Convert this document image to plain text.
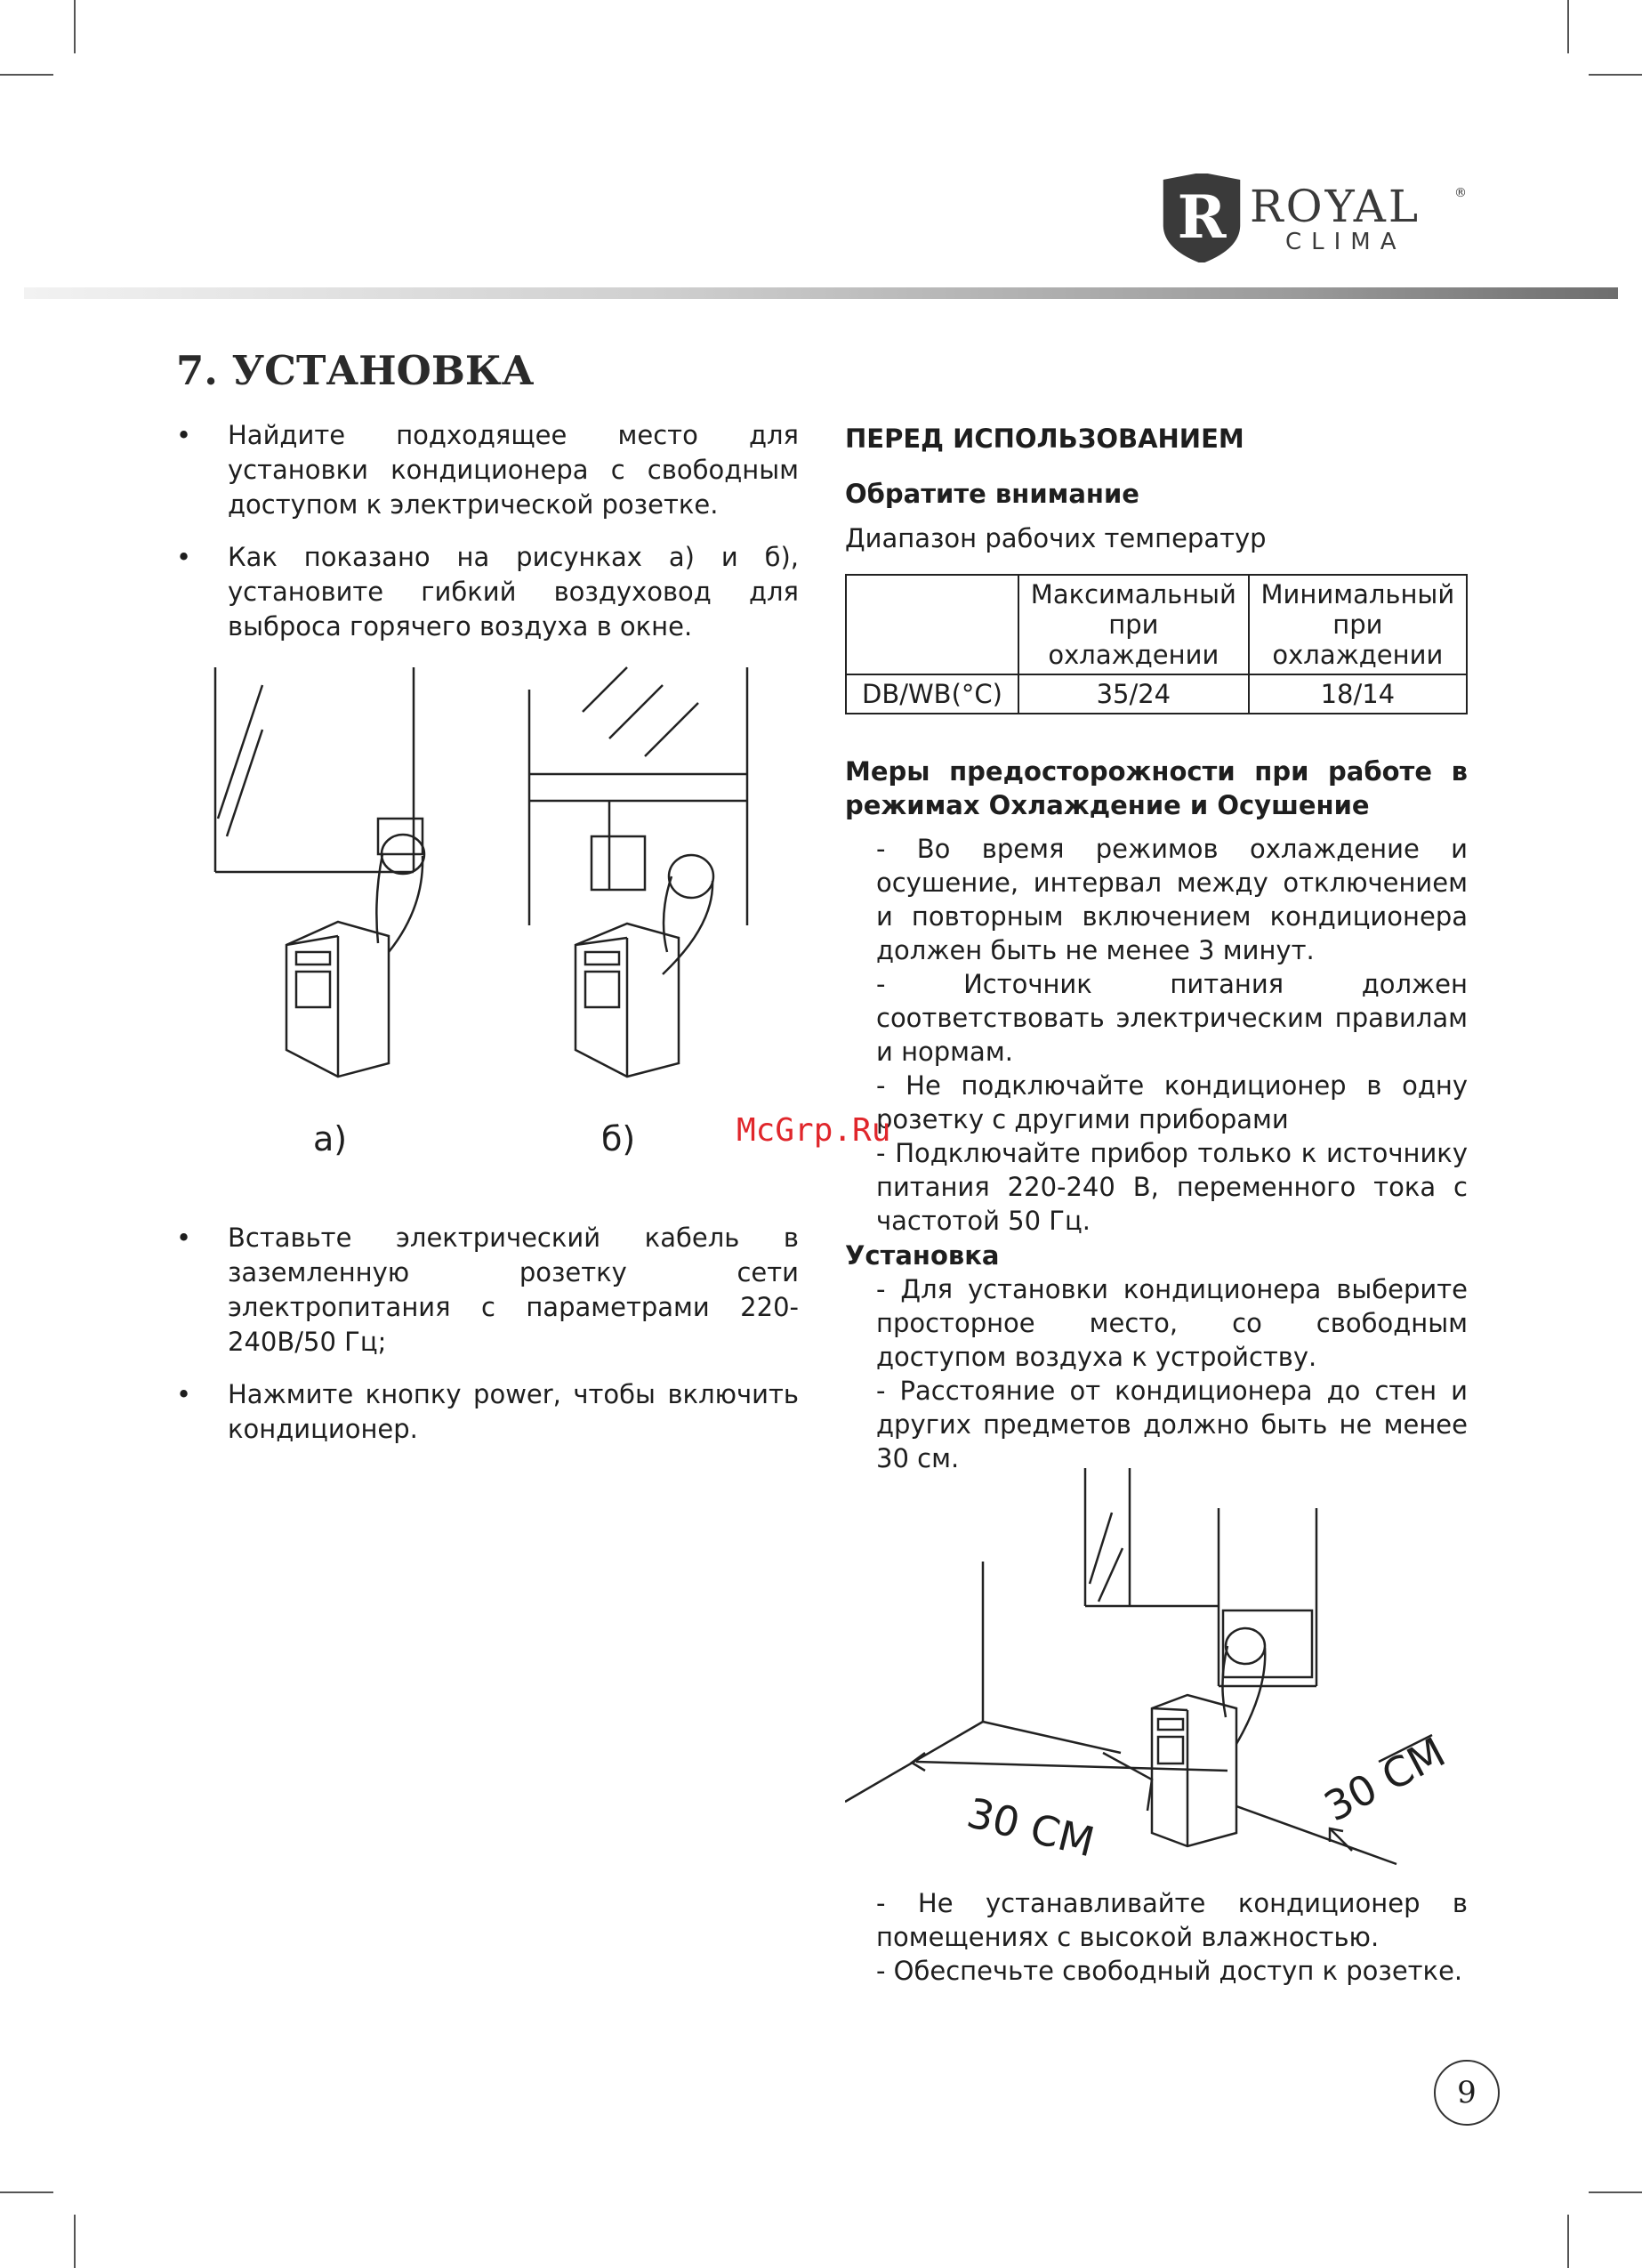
R ROYAL	®
CLIMA
7. УСТАНОВКА
• Найдите подходящее место для установки кондиционера с свободным доступом к электрической розетке.
• Как показано на рисунках а) и б), установите гибкий воздуховод для выброса горячего воздуха в окне.
а)	б)
• Вставьте электрический кабель в заземленную розетку сети электропитания с параметрами 220-240В/50 Гц;
• Нажмите кнопку power, чтобы включить кондиционер.
ПЕРЕД ИСПОЛЬЗОВАНИЕМ
Обратите внимание
Диапазон рабочих температур
	Максимальный при охлаждении	Минимальный при охлаждении
DB/WB(°C)	35/24	18/14
Меры предосторожности при работе в режимах Охлаждение и Осушение
- Во время режимов охлаждение и осушение, интервал между отключением и повторным включением кондиционера должен быть не менее 3 минут.
- Источник питания должен соответствовать электрическим правилам и нормам.
- Не подключайте кондиционер в одну розетку с другими приборами
- Подключайте прибор только к источнику питания 220-240 В, переменного тока с частотой 50 Гц.
Установка
- Для установки кондиционера выберите просторное место, со свободным доступом воздуха к устройству.
- Расстояние от кондиционера до стен и других предметов должно быть не менее 30 см.
30 CM	30 CM
- Не устанавливайте кондиционер в помещениях с высокой влажностью.
- Обеспечьте свободный доступ к розетке.
McGrp.Ru
9
